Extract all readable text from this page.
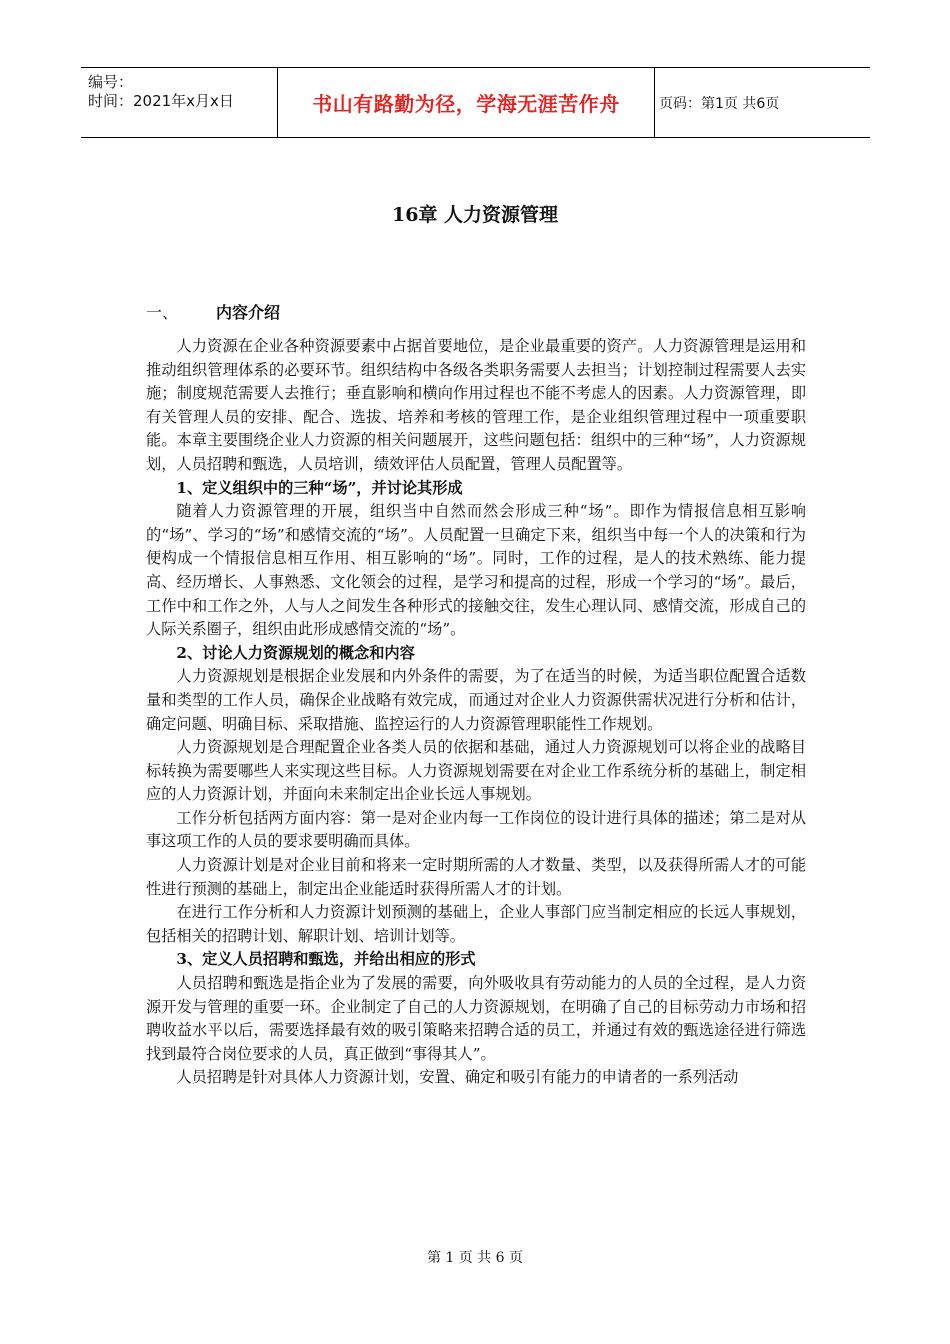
编号：
时间：2021年x月x日	书山有路勤为径，学海无涯苦作舟	页码：第1页 共6页
16章 人力资源管理
一、 内容介绍

人力资源在企业各种资源要素中占据首要地位，是企业最重要的资产。人力资源管理是运用和推动组织管理体系的必要环节。组织结构中各级各类职务需要人去担当；计划控制过程需要人去实施；制度规范需要人去推行；垂直影响和横向作用过程也不能不考虑人的因素。人力资源管理，即有关管理人员的安排、配合、选拔、培养和考核的管理工作，是企业组织管理过程中一项重要职能。本章主要围绕企业人力资源的相关问题展开，这些问题包括：组织中的三种“场”，人力资源规划，人员招聘和甄选，人员培训，绩效评估人员配置，管理人员配置等。

1、定义组织中的三种“场”，并讨论其形成

随着人力资源管理的开展，组织当中自然而然会形成三种“场”。即作为情报信息相互影响的“场”、学习的“场”和感情交流的“场”。人员配置一旦确定下来，组织当中每一个人的决策和行为便构成一个情报信息相互作用、相互影响的“场”。同时，工作的过程，是人的技术熟练、能力提高、经历增长、人事熟悉、文化领会的过程，是学习和提高的过程，形成一个学习的“场”。最后，工作中和工作之外，人与人之间发生各种形式的接触交往，发生心理认同、感情交流，形成自己的人际关系圈子，组织由此形成感情交流的“场”。

2、讨论人力资源规划的概念和内容

人力资源规划是根据企业发展和内外条件的需要，为了在适当的时候，为适当职位配置合适数量和类型的工作人员，确保企业战略有效完成，而通过对企业人力资源供需状况进行分析和估计，确定问题、明确目标、采取措施、监控运行的人力资源管理职能性工作规划。

人力资源规划是合理配置企业各类人员的依据和基础，通过人力资源规划可以将企业的战略目标转换为需要哪些人来实现这些目标。人力资源规划需要在对企业工作系统分析的基础上，制定相应的人力资源计划，并面向未来制定出企业长远人事规划。

工作分析包括两方面内容：第一是对企业内每一工作岗位的设计进行具体的描述；第二是对从事这项工作的人员的要求要明确而具体。

人力资源计划是对企业目前和将来一定时期所需的人才数量、类型，以及获得所需人才的可能性进行预测的基础上，制定出企业能适时获得所需人才的计划。

在进行工作分析和人力资源计划预测的基础上，企业人事部门应当制定相应的长远人事规划，包括相关的招聘计划、解职计划、培训计划等。

3、定义人员招聘和甄选，并给出相应的形式

人员招聘和甄选是指企业为了发展的需要，向外吸收具有劳动能力的人员的全过程，是人力资源开发与管理的重要一环。企业制定了自己的人力资源规划，在明确了自己的目标劳动力市场和招聘收益水平以后，需要选择最有效的吸引策略来招聘合适的员工，并通过有效的甄选途径进行筛选找到最符合岗位要求的人员，真正做到“事得其人”。

人员招聘是针对具体人力资源计划，安置、确定和吸引有能力的申请者的一系列活动

第 1 页 共 6 页
